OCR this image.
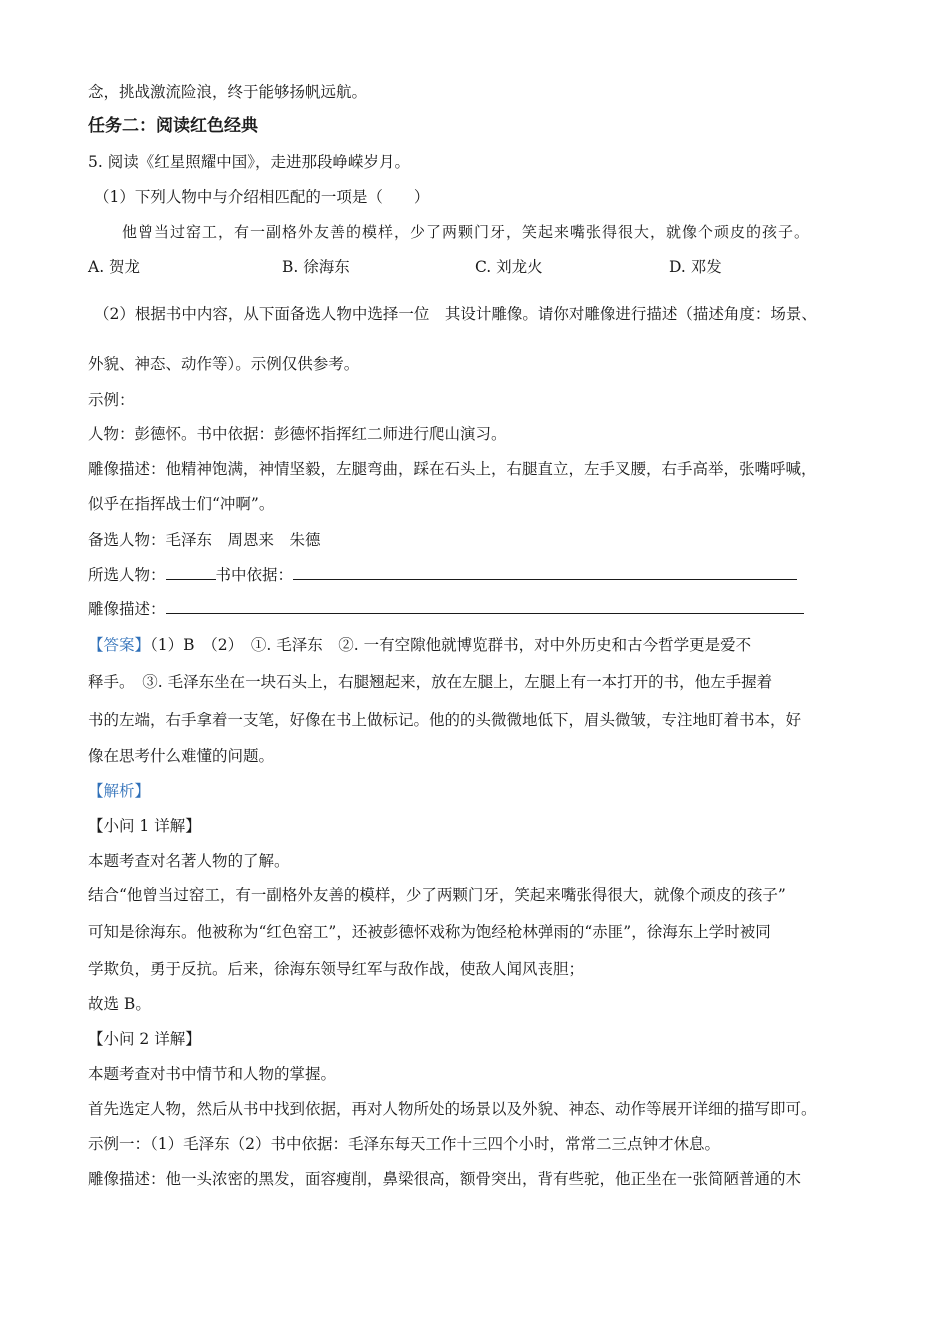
念，挑战激流险浪，终于能够扬帆远航。
任务二：阅读红色经典
5. 阅读《红星照耀中国》，走进那段峥嵘岁月。
（1）下列人物中与介绍相匹配的一项是（　　）
他曾当过窑工，有一副格外友善的模样，少了两颗门牙，笑起来嘴张得很大，就像个顽皮的孩子。
A. 贺龙	B. 徐海东	C. 刘龙火	D. 邓发
（2）根据书中内容，从下面备选人物中选择一位　其设计雕像。请你对雕像进行描述（描述角度：场景、
外貌、神态、动作等）。示例仅供参考。
示例：
人物：彭德怀。书中依据：彭德怀指挥红二师进行爬山演习。
雕像描述：他精神饱满，神情坚毅，左腿弯曲，踩在石头上，右腿直立，左手叉腰，右手高举，张嘴呼喊，
似乎在指挥战士们“冲啊”。
备选人物：毛泽东　周恩来　朱德
所选人物：	书中依据：
雕像描述：
【答案】（1）B　（2）　①. 毛泽东　②. 一有空隙他就博览群书，对中外历史和古今哲学更是爱不
释手。　③. 毛泽东坐在一块石头上，右腿翘起来，放在左腿上，左腿上有一本打开的书，他左手握着
书的左端，右手拿着一支笔，好像在书上做标记。他的的头微微地低下，眉头微皱，专注地盯着书本，好
像在思考什么难懂的问题。
【解析】
【小问 1 详解】
本题考查对名著人物的了解。
结合“他曾当过窑工，有一副格外友善的模样，少了两颗门牙，笑起来嘴张得很大，就像个顽皮的孩子”
可知是徐海东。他被称为“红色窑工”，还被彭德怀戏称为饱经枪林弹雨的“赤匪”，徐海东上学时被同
学欺负，勇于反抗。后来，徐海东领导红军与敌作战，使敌人闻风丧胆；
故选 B。
【小问 2 详解】
本题考查对书中情节和人物的掌握。
首先选定人物，然后从书中找到依据，再对人物所处的场景以及外貌、神态、动作等展开详细的描写即可。
示例一：（1）毛泽东（2）书中依据：毛泽东每天工作十三四个小时，常常二三点钟才休息。
雕像描述：他一头浓密的黑发，面容瘦削，鼻梁很高，额骨突出，背有些驼，他正坐在一张简陋普通的木
